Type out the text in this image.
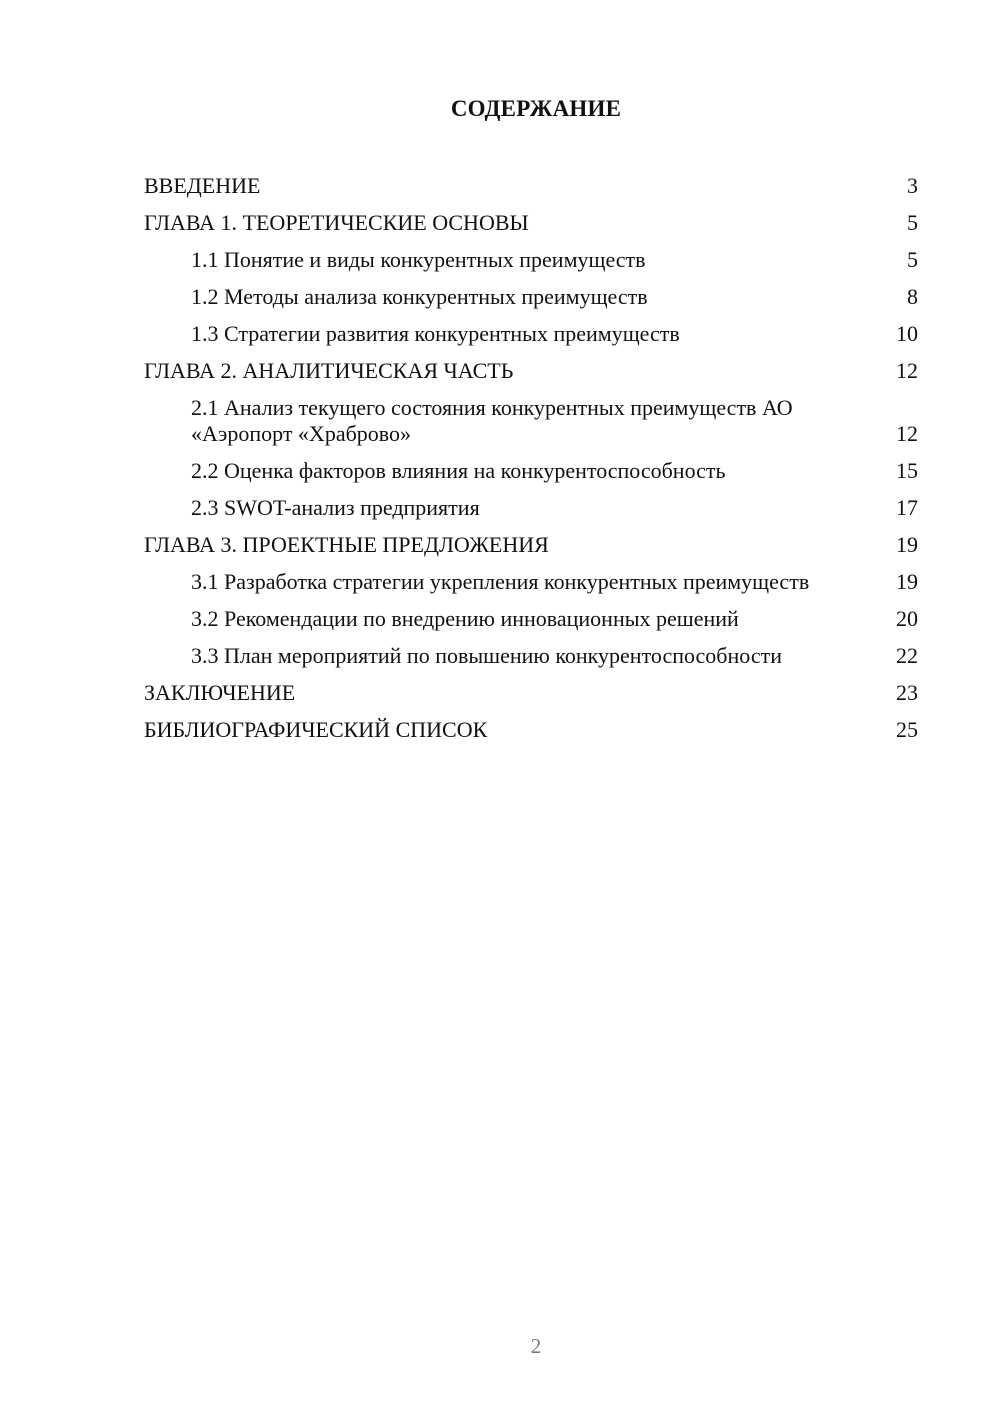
СОДЕРЖАНИЕ
ВВЕДЕНИЕ	3
ГЛАВА 1. ТЕОРЕТИЧЕСКИЕ ОСНОВЫ	5
1.1 Понятие и виды конкурентных преимуществ	5
1.2 Методы анализа конкурентных преимуществ	8
1.3 Стратегии развития конкурентных преимуществ	10
ГЛАВА 2. АНАЛИТИЧЕСКАЯ ЧАСТЬ	12
2.1 Анализ текущего состояния конкурентных преимуществ АО «Аэропорт «Храброво»	12
2.2 Оценка факторов влияния на конкурентоспособность	15
2.3 SWOT-анализ предприятия	17
ГЛАВА 3. ПРОЕКТНЫЕ ПРЕДЛОЖЕНИЯ	19
3.1 Разработка стратегии укрепления конкурентных преимуществ	19
3.2 Рекомендации по внедрению инновационных решений	20
3.3 План мероприятий по повышению конкурентоспособности	22
ЗАКЛЮЧЕНИЕ	23
БИБЛИОГРАФИЧЕСКИЙ СПИСОК	25
2
